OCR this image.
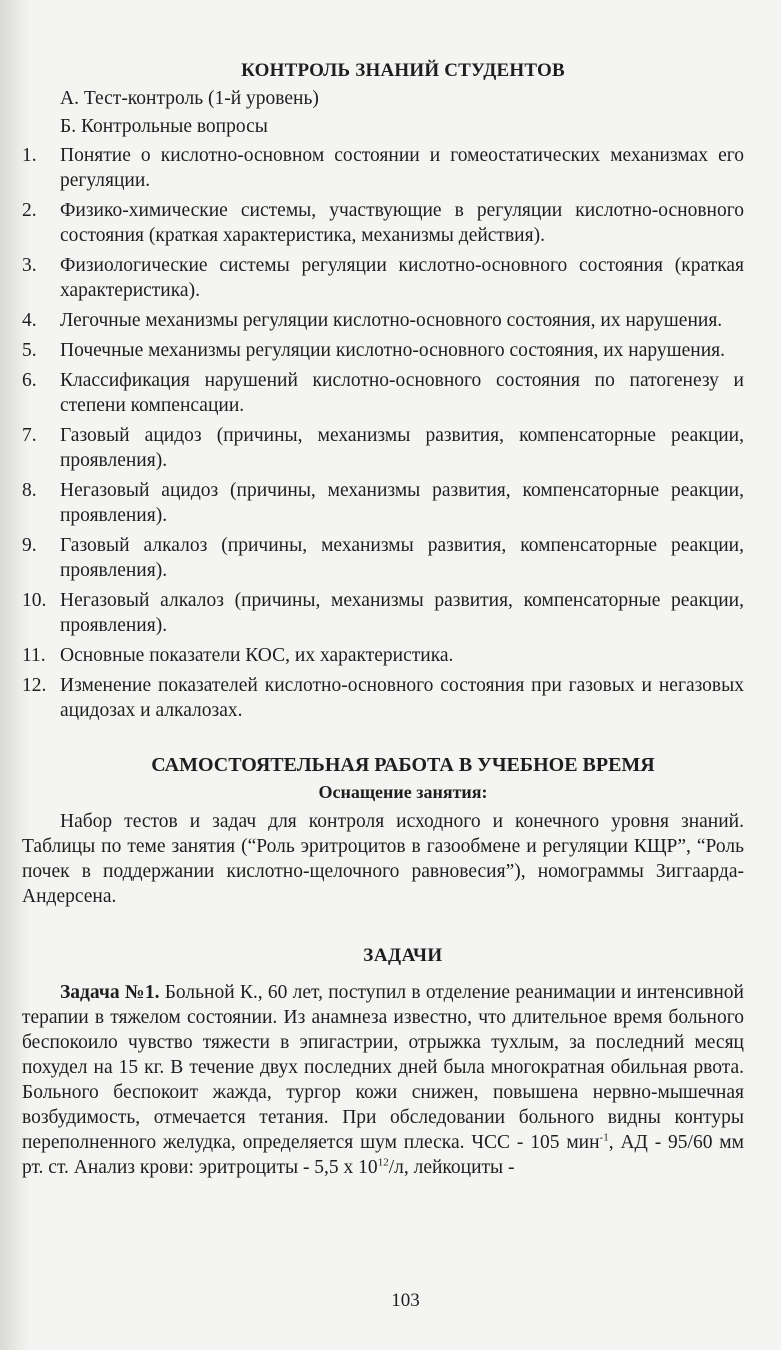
КОНТРОЛЬ ЗНАНИЙ СТУДЕНТОВ
А. Тест-контроль (1-й уровень)
Б. Контрольные вопросы
1.	Понятие о кислотно-основном состоянии и гомеостатических механизмах его регуляции.
2.	Физико-химические системы, участвующие в регуляции кислотно-основного состояния (краткая характеристика, механизмы действия).
3.	Физиологические системы регуляции кислотно-основного состояния (краткая характеристика).
4.	Легочные механизмы регуляции кислотно-основного состояния, их нарушения.
5.	Почечные механизмы регуляции кислотно-основного состояния, их нарушения.
6.	Классификация нарушений кислотно-основного состояния по патогенезу и степени компенсации.
7.	Газовый ацидоз (причины, механизмы развития, компенсаторные реакции, проявления).
8.	Негазовый ацидоз (причины, механизмы развития, компенсаторные реакции, проявления).
9.	Газовый алкалоз (причины, механизмы развития, компенсаторные реакции, проявления).
10. Негазовый алкалоз (причины, механизмы развития, компенсаторные реакции, проявления).
11. Основные показатели КОС, их характеристика.
12. Изменение показателей кислотно-основного состояния при газовых и негазовых ацидозах и алкалозах.
САМОСТОЯТЕЛЬНАЯ РАБОТА В УЧЕБНОЕ ВРЕМЯ
Оснащение занятия:

Набор тестов и задач для контроля исходного и конечного уровня знаний. Таблицы по теме занятия (“Роль эритроцитов в газообмене и регуляции КЩР”, “Роль почек в поддержании кислотно-щелочного равновесия”), номограммы Зиггаарда-Андерсена.

ЗАДАЧИ

Задача №1. Больной К., 60 лет, поступил в отделение реанимации и интенсивной терапии в тяжелом состоянии. Из анамнеза известно, что длительное время больного беспокоило чувство тяжести в эпигастрии, отрыжка тухлым, за последний месяц похудел на 15 кг. В течение двух последних дней была многократная обильная рвота. Больного беспокоит жажда, тургор кожи снижен, повышена нервно-мышечная возбудимость, отмечается тетания. При обследовании больного видны контуры переполненного желудка, определяется шум плеска. ЧСС - 105 мин$^{-1}$, АД - 95/60 мм рт. ст. Анализ крови: эритроциты - 5,5 x $10^{12}/л$, лейкоциты -

103
